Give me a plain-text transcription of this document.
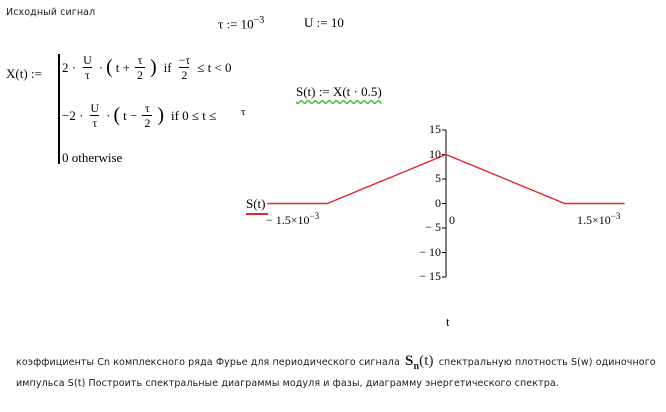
Исходный сигнал
τ := $10^{-3}$	U := 10
X(t) := $2 \cdot \frac{U}{\tau}$ · ( $t + \frac{\tau}{2}$ ) if $\frac{-\tau}{2} \le t < 0$
$-2 \cdot \frac{U}{\tau}$ · ( $t - \frac{\tau}{2}$ ) if 0 ≤ t ≤ τ
0 otherwise
S(t) := X(t · 0.5)
S(t)
− $1.5\times 10^{-3}$	$1.5\times 10^{-3}$
0
t
15
10
5
0
− 5
− 10
− 15
коэффициенты Cn комплексного ряда Фурье для периодического сигнала $S_n(t)$ спектральную плотность S(w) одиночного
импульса S(t) Построить спектральные диаграммы модуля и фазы, диаграмму энергетического спектра.
